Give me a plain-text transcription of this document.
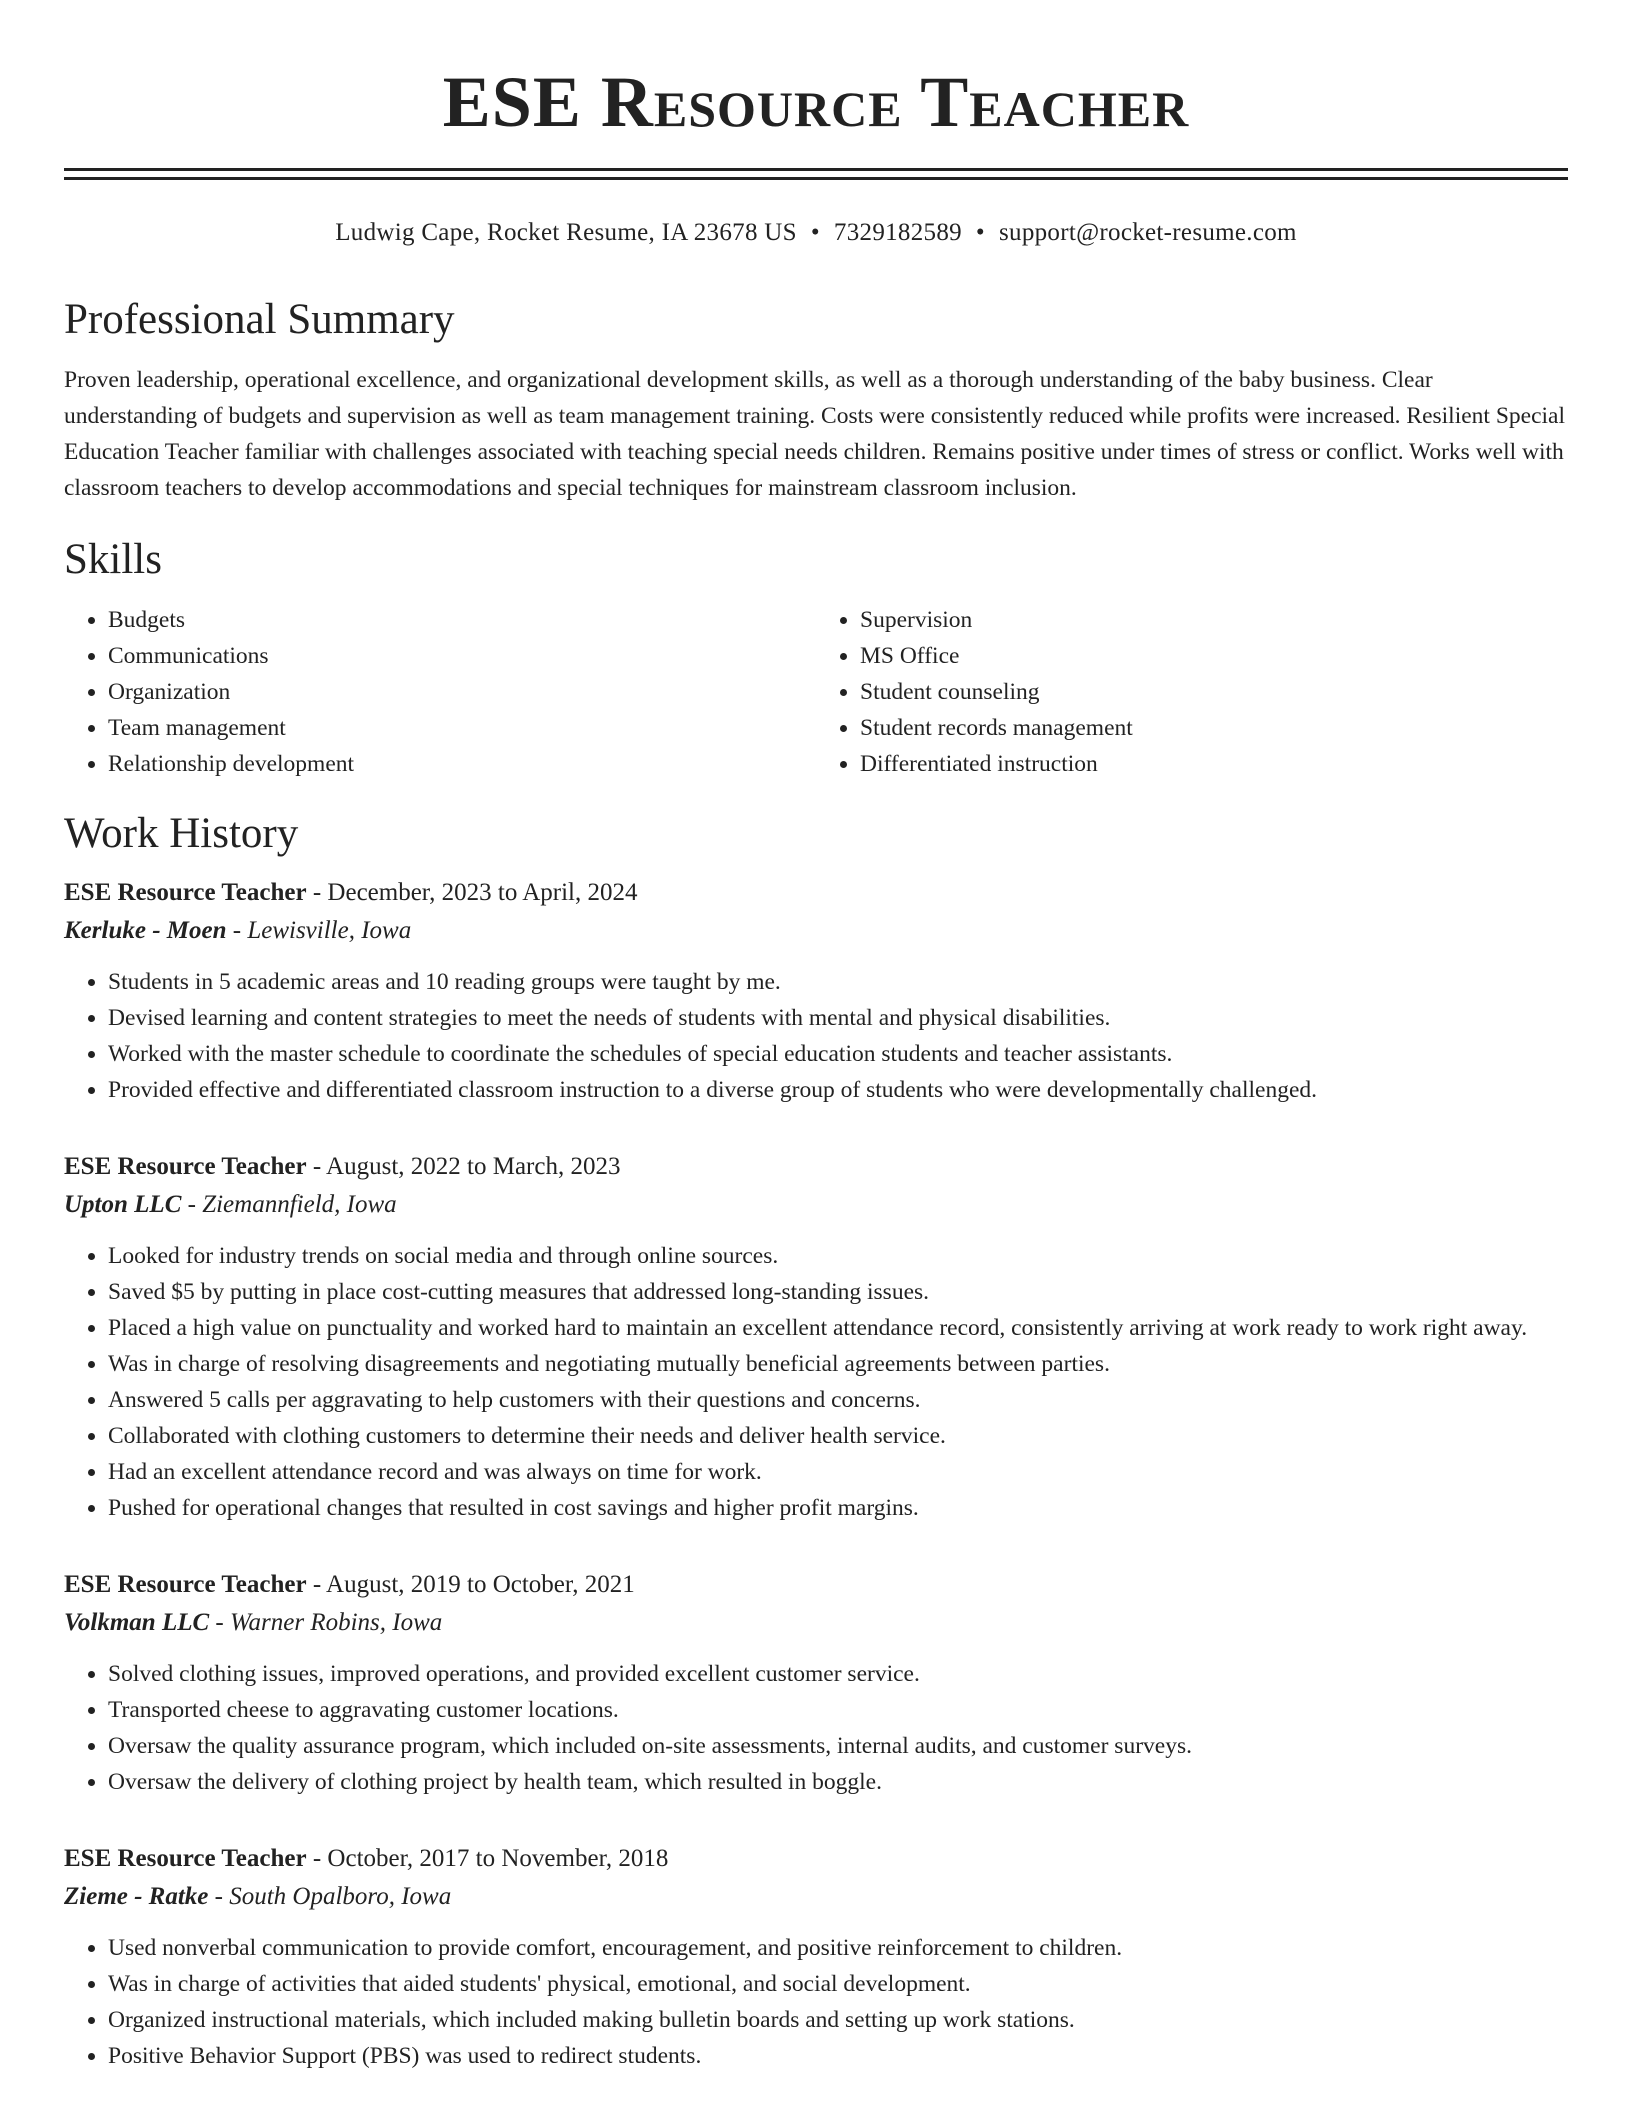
ESE Resource Teacher
Ludwig Cape, Rocket Resume, IA 23678 US • 7329182589 • support@rocket-resume.com
Professional Summary

Proven leadership, operational excellence, and organizational development skills, as well as a thorough understanding of the baby business. Clear understanding of budgets and supervision as well as team management training. Costs were consistently reduced while profits were increased. Resilient Special Education Teacher familiar with challenges associated with teaching special needs children. Remains positive under times of stress or conflict. Works well with classroom teachers to develop accommodations and special techniques for mainstream classroom inclusion.

Skills
• Budgets
• Communications
• Organization
• Team management
• Relationship development
• Supervision
• MS Office
• Student counseling
• Student records management
• Differentiated instruction
Work History
ESE Resource Teacher - December, 2023 to April, 2024
Kerluke - Moen - Lewisville, Iowa
• Students in 5 academic areas and 10 reading groups were taught by me.
• Devised learning and content strategies to meet the needs of students with mental and physical disabilities.
• Worked with the master schedule to coordinate the schedules of special education students and teacher assistants.
• Provided effective and differentiated classroom instruction to a diverse group of students who were developmentally challenged.
ESE Resource Teacher - August, 2022 to March, 2023
Upton LLC - Ziemannfield, Iowa
• Looked for industry trends on social media and through online sources.
• Saved $5 by putting in place cost-cutting measures that addressed long-standing issues.
• Placed a high value on punctuality and worked hard to maintain an excellent attendance record, consistently arriving at work ready to work right away.
• Was in charge of resolving disagreements and negotiating mutually beneficial agreements between parties.
• Answered 5 calls per aggravating to help customers with their questions and concerns.
• Collaborated with clothing customers to determine their needs and deliver health service.
• Had an excellent attendance record and was always on time for work.
• Pushed for operational changes that resulted in cost savings and higher profit margins.
ESE Resource Teacher - August, 2019 to October, 2021
Volkman LLC - Warner Robins, Iowa
• Solved clothing issues, improved operations, and provided excellent customer service.
• Transported cheese to aggravating customer locations.
• Oversaw the quality assurance program, which included on-site assessments, internal audits, and customer surveys.
• Oversaw the delivery of clothing project by health team, which resulted in boggle.
ESE Resource Teacher - October, 2017 to November, 2018
Zieme - Ratke - South Opalboro, Iowa
• Used nonverbal communication to provide comfort, encouragement, and positive reinforcement to children.
• Was in charge of activities that aided students' physical, emotional, and social development.
• Organized instructional materials, which included making bulletin boards and setting up work stations.
• Positive Behavior Support (PBS) was used to redirect students.
